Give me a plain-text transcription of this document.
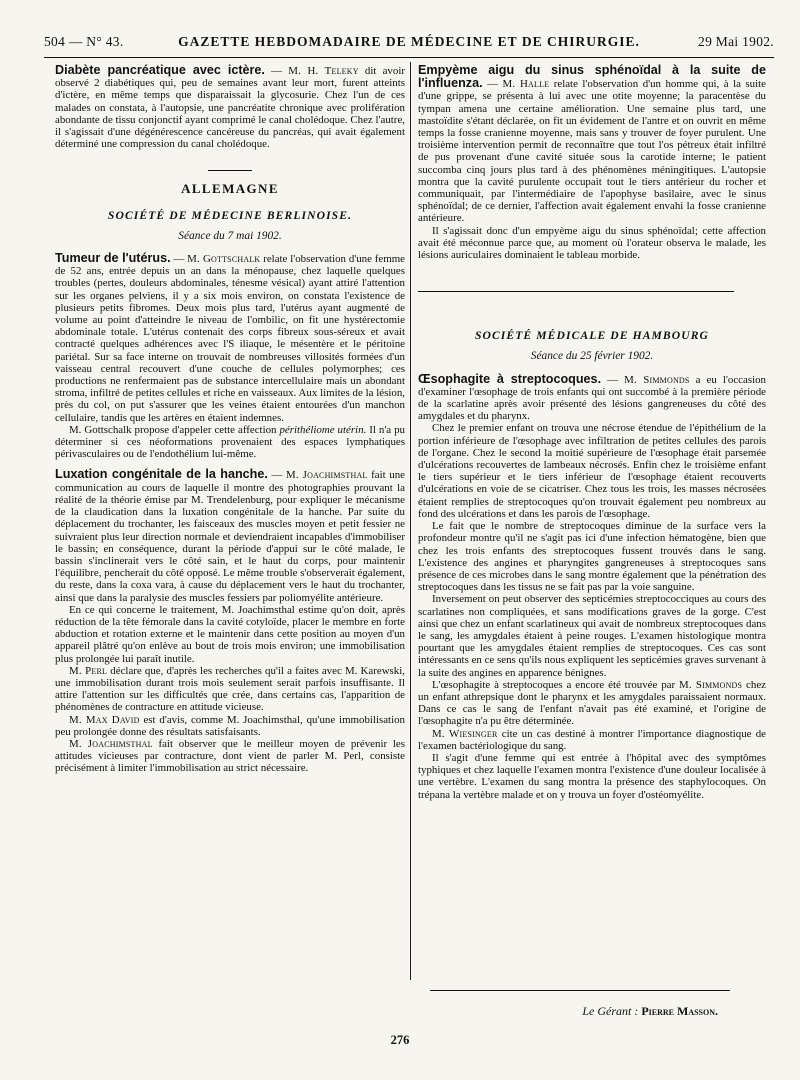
504 — N° 43.	GAZETTE HEBDOMADAIRE DE MÉDECINE ET DE CHIRURGIE.	29 Mai 1902.

Diabète pancréatique avec ictère. — M. H. Teleky dit avoir observé 2 diabétiques qui, peu de semaines avant leur mort, furent atteints d'ictère, en même temps que disparaissait la glycosurie. Chez l'un de ces malades on constata, à l'autopsie, une pancréatite chronique avec prolifération abondante de tissu conjonctif ayant comprimé le canal cholédoque. Chez l'autre, il s'agissait d'une dégénérescence cancéreuse du pancréas, qui avait également déterminé une compression du canal cholédoque.

ALLEMAGNE
SOCIÉTÉ DE MÉDECINE BERLINOISE.
Séance du 7 mai 1902.

Tumeur de l'utérus. — M. Gottschalk relate l'observation d'une femme de 52 ans, entrée depuis un an dans la ménopause, chez laquelle quelques troubles (pertes, douleurs abdominales, ténesme vésical) ayant attiré l'attention sur les organes pelviens, il y a six mois environ, on constata l'existence de plusieurs petits fibromes. Deux mois plus tard, l'utérus ayant augmenté de volume au point d'atteindre le niveau de l'ombilic, on fit une hystérectomie abdominale totale. L'utérus contenait des corps fibreux sous-séreux et avait contracté quelques adhérences avec l'S iliaque, le mésentère et le péritoine pariétal. Sur sa face interne on trouvait de nombreuses villosités formées d'un vaisseau central recouvert d'une couche de cellules polymorphes; ces productions ne renfermaient pas de substance intercellulaire mais un abondant stroma, infiltré de petites cellules et riche en vaisseaux. Aux limites de la lésion, près du col, on put s'assurer que les veines étaient entourées d'un manchon cellulaire, tandis que les artères en étaient indemnes.

M. Gottschalk propose d'appeler cette affection périthéliome utérin. Il n'a pu déterminer si ces néoformations provenaient des espaces lymphatiques périvasculaires ou de l'endothélium lui-même.

Luxation congénitale de la hanche. — M. Joachimsthal fait une communication au cours de laquelle il montre des photographies prouvant la réalité de la théorie émise par M. Trendelenburg, pour expliquer le mécanisme de la claudication dans la luxation congénitale de la hanche. Par suite du déplacement du trochanter, les faisceaux des muscles moyen et petit fessier ne suivraient plus leur direction normale et deviendraient incapables d'immobiliser le bassin; en conséquence, durant la période d'appui sur le côté malade, le bassin s'inclinerait vers le côté sain, et le haut du corps, pour maintenir l'équilibre, pencherait du côté opposé. Le même trouble s'observerait également, du reste, dans la coxa vara, à cause du déplacement vers le haut du trochanter, ainsi que dans la paralysie des muscles fessiers par poliomyélite antérieure.

En ce qui concerne le traitement, M. Joachimsthal estime qu'on doit, après réduction de la tête fémorale dans la cavité cotyloïde, placer le membre en forte abduction et rotation externe et le maintenir dans cette position au moyen d'un appareil plâtré qu'on enlève au bout de trois mois environ; une immobilisation plus prolongée lui paraît inutile.

M. Perl déclare que, d'après les recherches qu'il a faites avec M. Karewski, une immobilisation durant trois mois seulement serait parfois insuffisante. Il attire l'attention sur les difficultés que crée, dans certains cas, l'apparition de phénomènes de contracture en attitude vicieuse.

M. Max David est d'avis, comme M. Joachimsthal, qu'une immobilisation peu prolongée donne des résultats satisfaisants.

M. Joachimsthal fait observer que le meilleur moyen de prévenir les attitudes vicieuses par contracture, dont vient de parler M. Perl, consiste précisément à limiter l'immobilisation au strict nécessaire.

Empyème aigu du sinus sphénoïdal à la suite de l'influenza. — M. Halle relate l'observation d'un homme qui, à la suite d'une grippe, se présenta à lui avec une otite moyenne; la paracentèse du tympan amena une certaine amélioration. Une semaine plus tard, une mastoïdite s'étant déclarée, on fit un évidement de l'antre et on ouvrit en même temps la fosse cranienne moyenne, mais sans y trouver de foyer purulent. Une troisième intervention permit de reconnaître que tout l'os pétreux était infiltré de pus provenant d'une cavité située sous la carotide interne; le patient succomba cinq jours plus tard à des phénomènes méningitiques. L'autopsie montra que la cavité purulente occupait tout le tiers antérieur du rocher et communiquait, par l'intermédiaire de l'apophyse basilaire, avec le sinus sphénoïdal; de ce dernier, l'affection avait également envahi la fosse cranienne antérieure.

Il s'agissait donc d'un empyème aigu du sinus sphénoïdal; cette affection avait été méconnue parce que, au moment où l'orateur observa le malade, les lésions auriculaires dominaient le tableau morbide.

SOCIÉTÉ MÉDICALE DE HAMBOURG
Séance du 25 février 1902.

Œsophagite à streptocoques. — M. Simmonds a eu l'occasion d'examiner l'œsophage de trois enfants qui ont succombé à la première période de la scarlatine après avoir présenté des lésions gangreneuses du côté des amygdales et du pharynx.

Chez le premier enfant on trouva une nécrose étendue de l'épithélium de la portion inférieure de l'œsophage avec infiltration de petites cellules des parois de l'organe. Chez le second la moitié supérieure de l'œsophage était parsemée d'ulcérations recouvertes de lambeaux nécrosés. Enfin chez le troisième enfant le tiers supérieur et le tiers inférieur de l'œsophage étaient recouverts d'ulcérations en voie de se cicatriser. Chez tous les trois, les masses nécrosées étaient remplies de streptocoques qu'on trouvait également peu nombreux au fond des ulcérations et dans les parois de l'œsophage.

Le fait que le nombre de streptocoques diminue de la surface vers la profondeur montre qu'il ne s'agit pas ici d'une infection hématogène, bien que chez les trois enfants des streptocoques fussent trouvés dans le sang. L'existence des angines et pharyngites gangreneuses à streptocoques sans présence de ces microbes dans le sang montre également que la pénétration des streptocoques dans les tissus ne se fait pas par la voie sanguine.

Inversement on peut observer des septicémies streptococciques au cours des scarlatines non compliquées, et sans modifications graves de la gorge. C'est ainsi que chez un enfant scarlatineux qui avait de nombreux streptocoques dans le sang, les amygdales étaient à peine rouges. L'examen histologique montra pourtant que les amygdales étaient remplies de streptocoques. Ces cas sont intéressants en ce sens qu'ils nous expliquent les septicémies graves survenant à la suite des angines en apparence bénignes.

L'œsophagite à streptocoques a encore été trouvée par M. Simmonds chez un enfant athrepsique dont le pharynx et les amygdales paraissaient normaux. Dans ce cas le sang de l'enfant n'avait pas été examiné, et l'origine de l'œsophagite n'a pu être déterminée.

M. Wiesinger cite un cas destiné à montrer l'importance diagnostique de l'examen bactériologique du sang.

Il s'agit d'une femme qui est entrée à l'hôpital avec des symptômes typhiques et chez laquelle l'examen montra l'existence d'une douleur localisée à une vertèbre. L'examen du sang montra la présence des staphylocoques. On trépana la vertèbre malade et on y trouva un foyer d'ostéomyélite.

Le Gérant : Pierre Masson.
276
